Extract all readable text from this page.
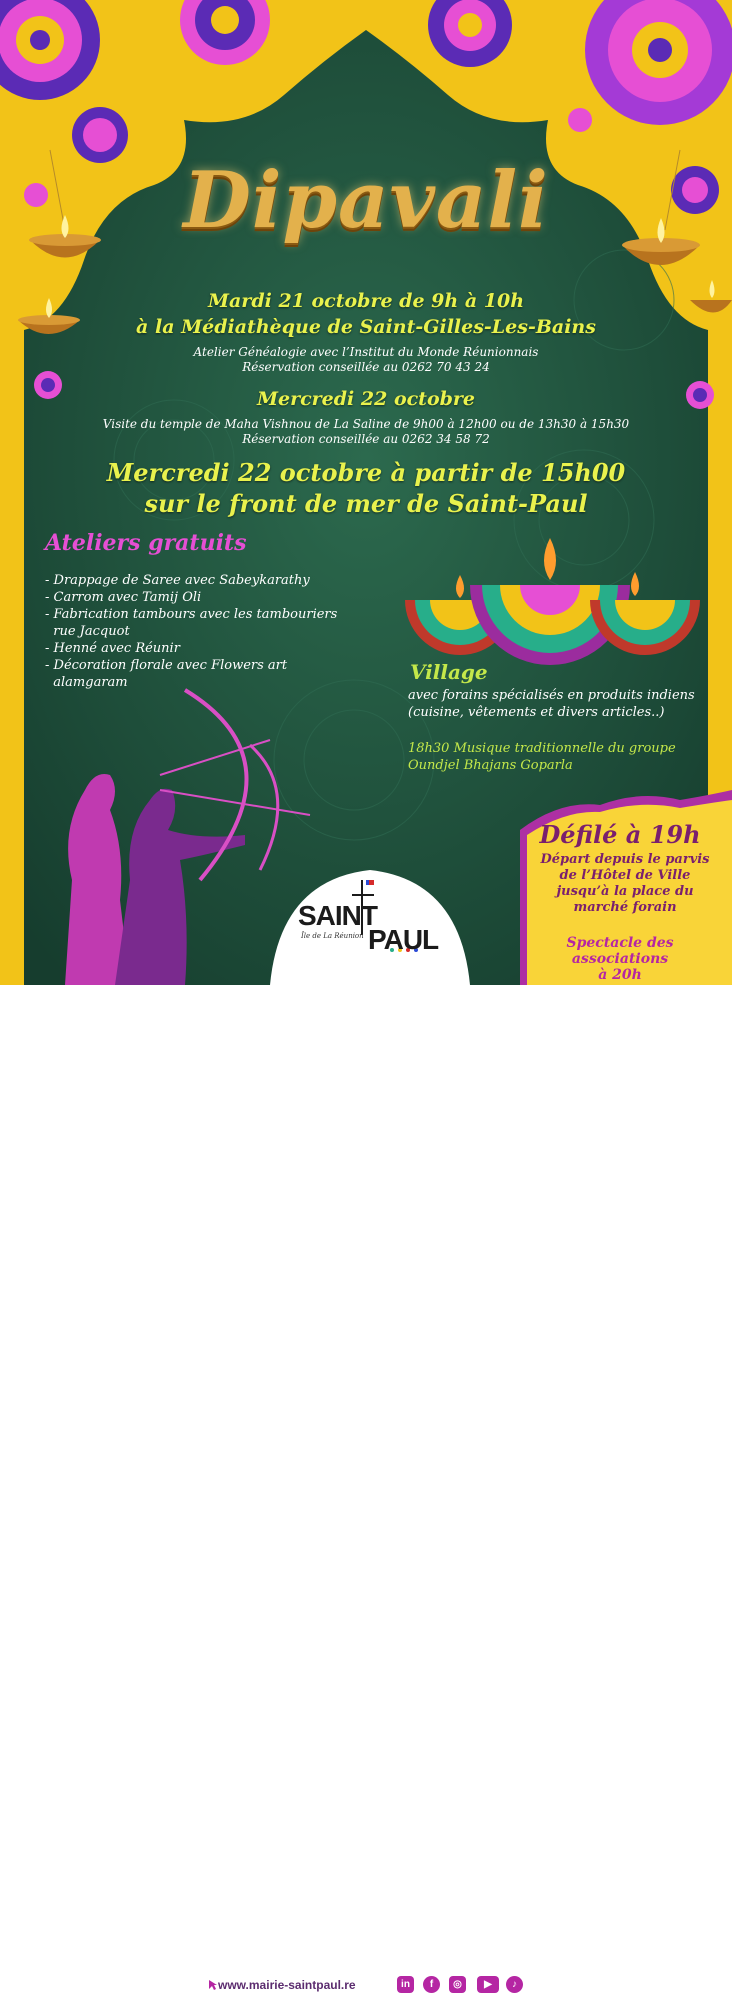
Dipavali
Mardi 21 octobre de 9h à 10h
à la Médiathèque de Saint-Gilles-Les-Bains
Atelier Généalogie avec l’Institut du Monde Réunionnais
Réservation conseillée au 0262 70 43 24
Mercredi 22 octobre
Visite du temple de Maha Vishnou de La Saline de 9h00 à 12h00 ou de 13h30 à 15h30
Réservation conseillée au 0262 34 58 72
Mercredi 22 octobre à partir de 15h00
sur le front de mer de Saint-Paul
Ateliers gratuits
- Drappage de Saree avec Sabeykarathy
- Carrom avec Tamij Oli
- Fabrication tambours avec les tambouriers
rue Jacquot
- Henné avec Réunir
- Décoration florale avec Flowers art
alamgaram	Village
avec forains spécialisés en produits indiens
(cuisine, vêtements et divers articles..)
18h30 Musique traditionnelle du groupe
Oundjel Bhajans Goparla
Défilé à 19h
Départ depuis le parvis
de l’Hôtel de Ville
jusqu’à la place du
marché forain
Spectacle des associations
à 20h
SAINT
Île de La Réunion PAUL
www.mairie-saintpaul.re	in	f	◎	▶	♪
